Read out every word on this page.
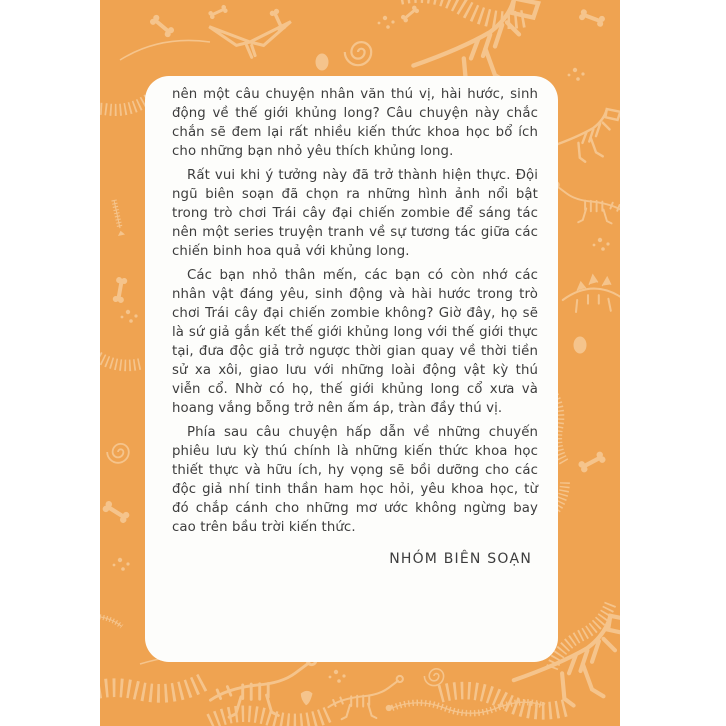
nên một câu chuyện nhân văn thú vị, hài hước, sinh động về thế giới khủng long? Câu chuyện này chắc chắn sẽ đem lại rất nhiều kiến thức khoa học bổ ích cho những bạn nhỏ yêu thích khủng long.

Rất vui khi ý tưởng này đã trở thành hiện thực. Đội ngũ biên soạn đã chọn ra những hình ảnh nổi bật trong trò chơi Trái cây đại chiến zombie để sáng tác nên một series truyện tranh về sự tương tác giữa các chiến binh hoa quả với khủng long.

Các bạn nhỏ thân mến, các bạn có còn nhớ các nhân vật đáng yêu, sinh động và hài hước trong trò chơi Trái cây đại chiến zombie không? Giờ đây, họ sẽ là sứ giả gắn kết thế giới khủng long với thế giới thực tại, đưa độc giả trở ngược thời gian quay về thời tiền sử xa xôi, giao lưu với những loài động vật kỳ thú viễn cổ. Nhờ có họ, thế giới khủng long cổ xưa và hoang vắng bỗng trở nên ấm áp, tràn đầy thú vị.

Phía sau câu chuyện hấp dẫn về những chuyến phiêu lưu kỳ thú chính là những kiến thức khoa học thiết thực và hữu ích, hy vọng sẽ bồi dưỡng cho các độc giả nhí tinh thần ham học hỏi, yêu khoa học, từ đó chắp cánh cho những mơ ước không ngừng bay cao trên bầu trời kiến thức.

NHÓM BIÊN SOẠN
